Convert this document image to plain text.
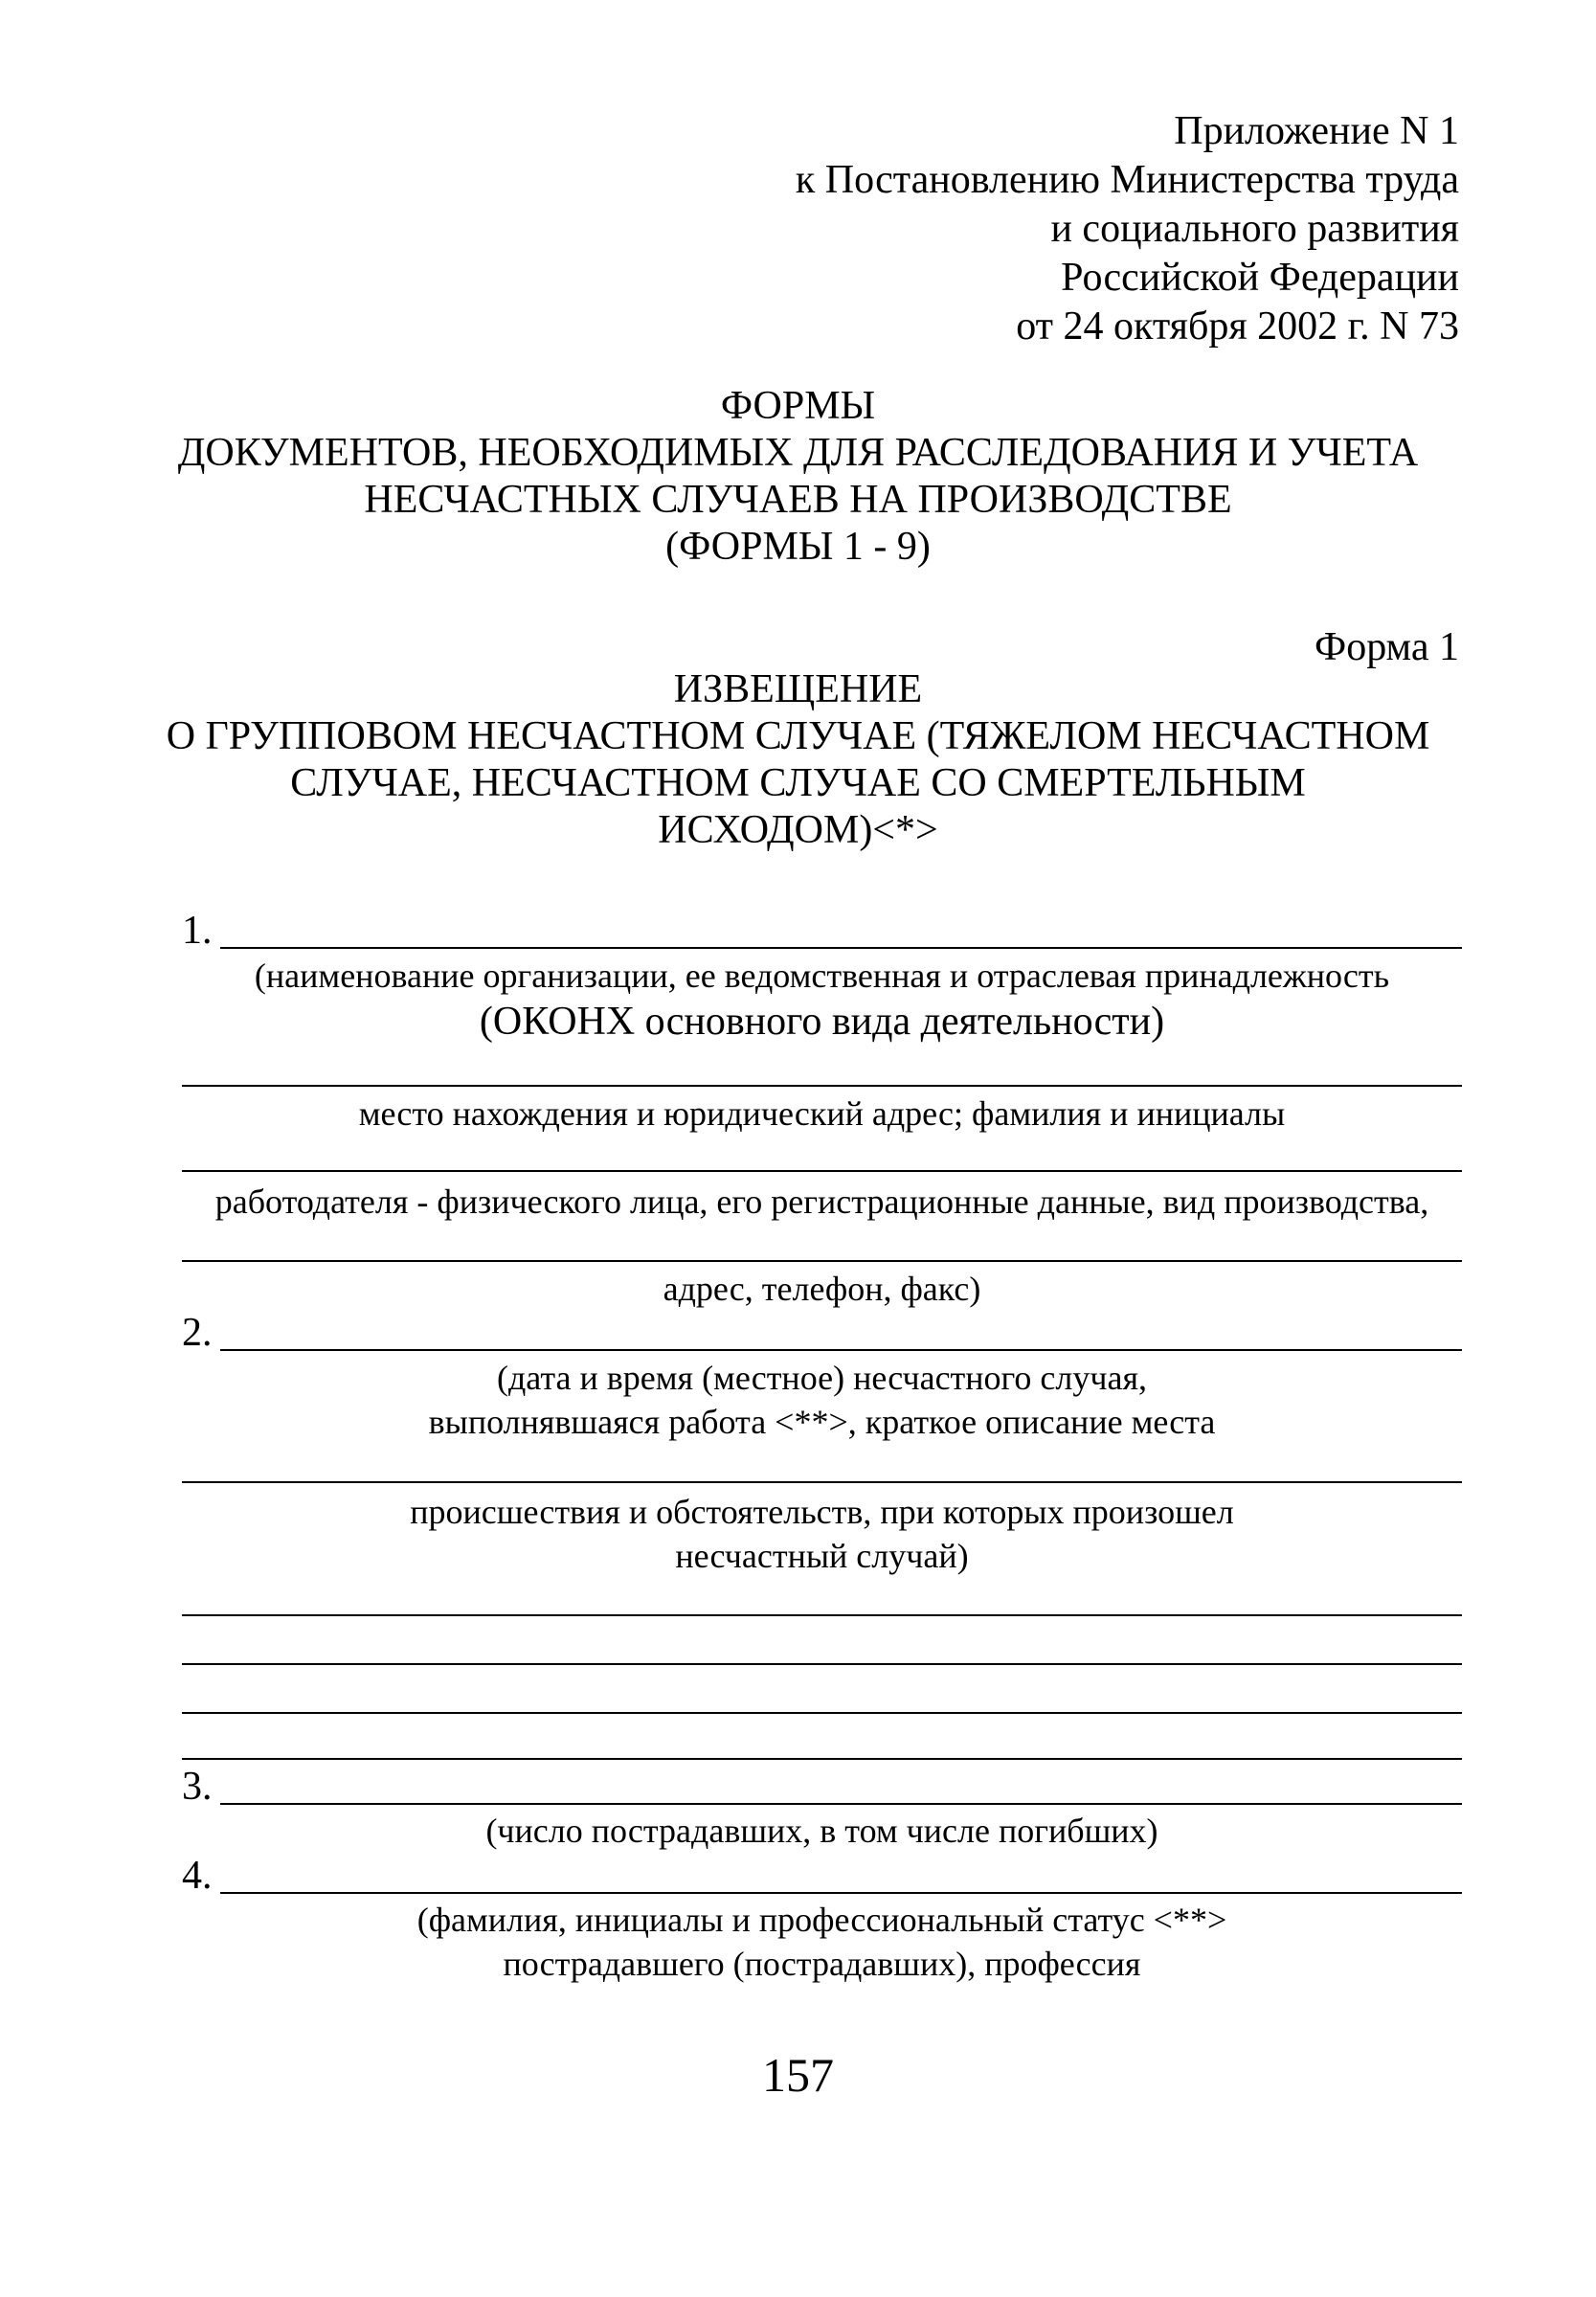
Приложение N 1
к Постановлению Министерства труда
и социального развития
Российской Федерации
от 24 октября 2002 г. N 73
ФОРМЫ
ДОКУМЕНТОВ, НЕОБХОДИМЫХ ДЛЯ РАССЛЕДОВАНИЯ И УЧЕТА
НЕСЧАСТНЫХ СЛУЧАЕВ НА ПРОИЗВОДСТВЕ
(ФОРМЫ 1 - 9)
Форма 1
ИЗВЕЩЕНИЕ
О ГРУППОВОМ НЕСЧАСТНОМ СЛУЧАЕ (ТЯЖЕЛОМ НЕСЧАСТНОМ
СЛУЧАЕ, НЕСЧАСТНОМ СЛУЧАЕ СО СМЕРТЕЛЬНЫМ
ИСХОДОМ)<*>
1.
(наименование организации, ее ведомственная и отраслевая принадлежность
(ОКОНХ основного вида деятельности)
место нахождения и юридический адрес; фамилия и инициалы
работодателя - физического лица, его регистрационные данные, вид производства,
адрес, телефон, факс)
2.
(дата и время (местное) несчастного случая,
выполнявшаяся работа <**>, краткое описание места
происшествия и обстоятельств, при которых произошел
несчастный случай)
3.
(число пострадавших, в том числе погибших)
4.
(фамилия, инициалы и профессиональный статус <**>
пострадавшего (пострадавших), профессия
157
